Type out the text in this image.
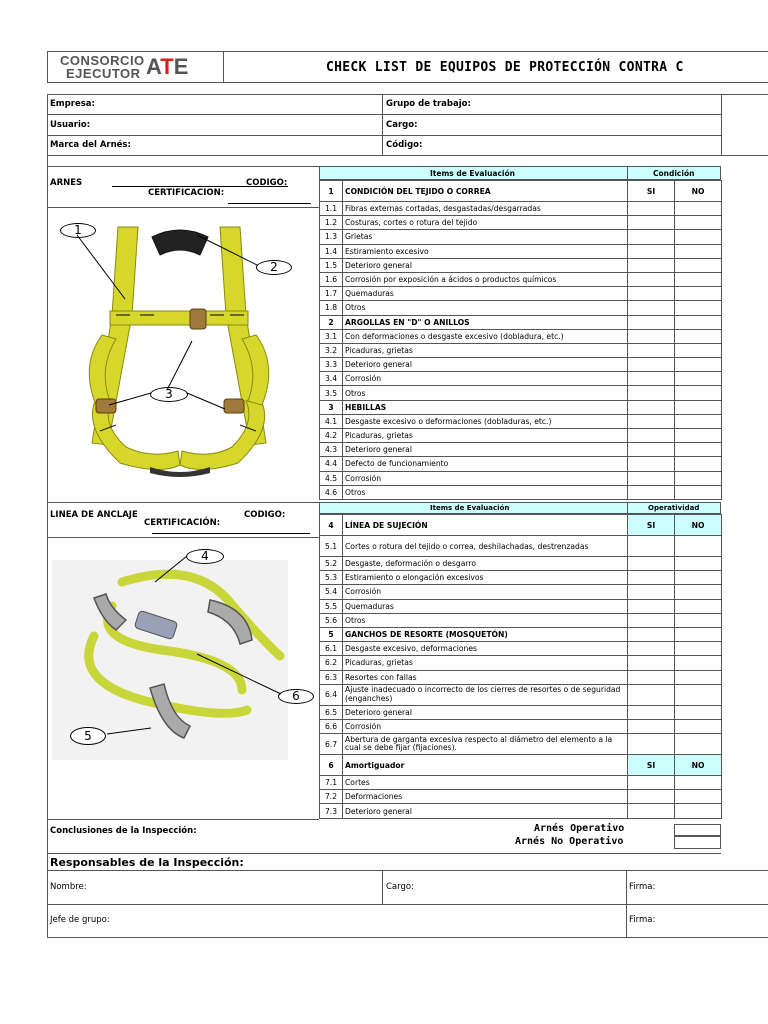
CONSORCIO
EJECUTOR ATE	CHECK LIST DE EQUIPOS DE PROTECCIÓN CONTRA C
Empresa:	Grupo de trabajo:
Usuario:	Cargo:
Marca del Arnés:	Código:
ARNES	CODIGO:
CERTIFICACION:
1
2
3
LINEA DE ANCLAJE	CODIGO:
CERTIFICACIÓN:
4
6
5
Items de Evaluación	Condición
1	CONDICIÓN DEL TEJIDO O CORREA	SI	NO
1.1	Fibras externas cortadas, desgastadas/desgarradas		
1.2	Costuras, cortes o rotura del tejido		
1.3	Grietas		
1.4	Estiramiento excesivo		
1.5	Deterioro general		
1.6	Corrosión por exposición a ácidos o productos químicos		
1.7	Quemaduras		
1.8	Otros		
2	ARGOLLAS EN "D" O ANILLOS		
3.1	Con deformaciones o desgaste excesivo (dobladura, etc.)		
3.2	Picaduras, grietas		
3.3	Deterioro general		
3.4	Corrosión		
3.5	Otros		
3	HEBILLAS		
4.1	Desgaste excesivo o deformaciones (dobladuras, etc.)		
4.2	Picaduras, grietas		
4.3	Deterioro general		
4.4	Defecto de funcionamiento		
4.5	Corrosión		
4.6	Otros		
Items de Evaluación	Operatividad
4	LÍNEA DE SUJECIÓN	SI	NO
5.1	Cortes o rotura del tejido o correa, deshilachadas, destrenzadas		
5.2	Desgaste, deformación o desgarro		
5.3	Estiramiento o elongación excesivos		
5.4	Corrosión		
5.5	Quemaduras		
5.6	Otros		
5	GANCHOS DE RESORTE (MOSQUETÓN)		
6.1	Desgaste excesivo, deformaciones		
6.2	Picaduras, grietas		
6.3	Resortes con fallas		
6.4	Ajuste inadecuado o incorrecto de los cierres de resortes o de seguridad (enganches)		
6.5	Deterioro general		
6.6	Corrosión		
6.7	Abertura de garganta excesiva respecto al diámetro del elemento a la cual se debe fijar (fijaciones).		
6	Amortiguador	SI	NO
7.1	Cortes		
7.2	Deformaciones		
7.3	Deterioro general		
Conclusiones de la Inspección:	Arnés Operativo
Arnés No Operativo
Responsables de la Inspección:
Nombre:	Cargo:	Firma:
Jefe de grupo:	Firma:
